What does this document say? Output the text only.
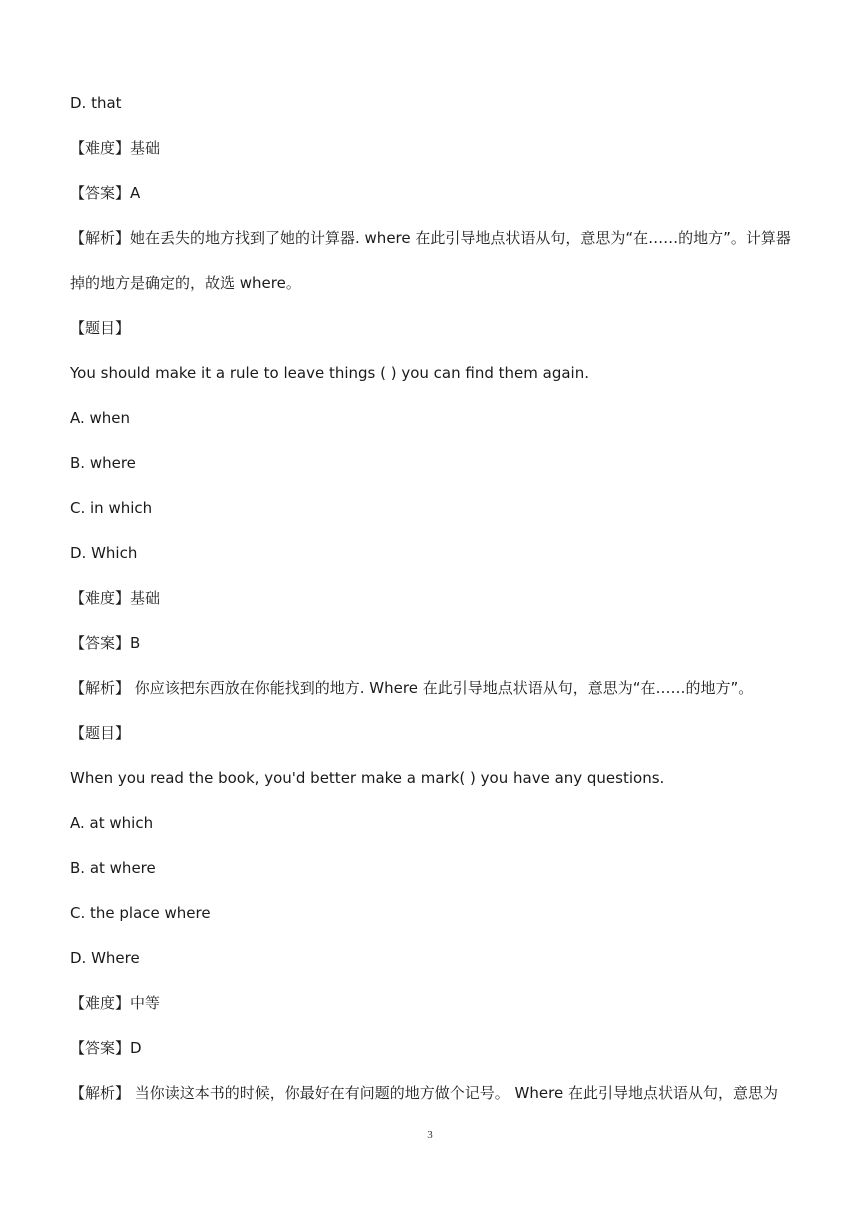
D. that
【难度】基础
【答案】A
【解析】她在丢失的地方找到了她的计算器. where 在此引导地点状语从句，意思为“在……的地方”。计算器
掉的地方是确定的，故选 where。
【题目】
You should make it a rule to leave things ( ) you can find them again.
A. when
B. where
C. in which
D. Which
【难度】基础
【答案】B
【解析】 你应该把东西放在你能找到的地方. Where 在此引导地点状语从句，意思为“在……的地方”。
【题目】
When you read the book, you'd better make a mark( ) you have any questions.
A. at which
B. at where
C. the place where
D. Where
【难度】中等
【答案】D
【解析】 当你读这本书的时候，你最好在有问题的地方做个记号。 Where 在此引导地点状语从句，意思为
3
